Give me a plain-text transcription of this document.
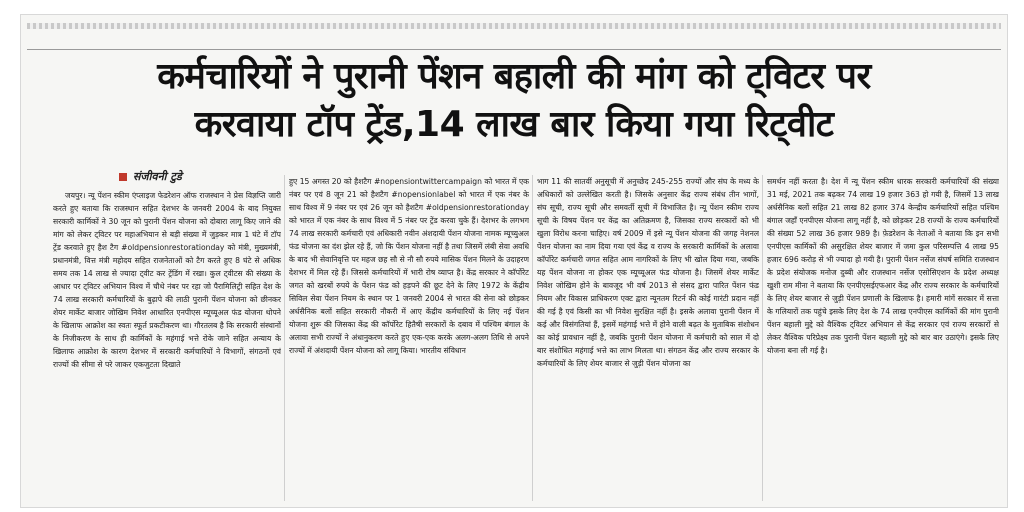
कर्मचारियों ने पुरानी पेंशन बहाली की मांग को ट्विटर पर
करवाया टॉप ट्रेंड,14 लाख बार किया गया रिट्वीट
संजीवनी टुडे

जयपुर। न्यू पेंशन स्कीम एंप्लाइज फेडरेशन ऑफ राजस्थान ने प्रेस विज्ञप्ति जारी करते हुए बताया कि राजस्थान सहित देशभर के जनवरी 2004 के बाद नियुक्त सरकारी कार्मिकों ने 30 जून को पुरानी पेंशन योजना को दोबारा लागू किए जाने की मांग को लेकर ट्विटर पर महाअभियान से बड़ी संख्या में जुड़कर मात्र 1 घंटे में टॉप ट्रेंड करवाते हुए हैश टैग #oldpensionrestorationday को मंत्री, मुख्यमंत्री, प्रधानमंत्री, वित्त मंत्री महोदय सहित राजनेताओं को टैग करते हुए 8 घंटे से अधिक समय तक 14 लाख से ज्यादा ट्वीट कर ट्रेंडिंग में रखा। कुल ट्वीटस की संख्या के आधार पर ट्विटर अभियान विश्व में चौथे नंबर पर रहा जो पैरामिलिट्री सहित देश के 74 लाख सरकारी कर्मचारियों के बुढ़ापे की लाठी पुरानी पेंशन योजना को छीनकर शेयर मार्केट बाजार जोखिम निवेश आधारित एनपीएस म्यूच्यूअल फंड योजना थोपने के खिलाफ आक्रोश का स्वतः स्फूर्त प्रकटीकरण था। गौरतलब है कि सरकारी संस्थानों के निजीकरण के साथ ही कार्मिकों के महंगाई भत्ते रोके जाने सहित अन्याय के खिलाफ आक्रोश के कारण देशभर में सरकारी कर्मचारियों ने विभागों, संगठनों एवं राज्यों की सीमा से परे जाकर एकजुटता दिखाते

हुए 15 अगस्त 20 को हैशटैग #nopensiontwittercampaign को भारत में एक नंबर पर एवं 8 जून 21 को हैशटैग #nopensionlabel को भारत में एक नंबर के साथ विश्व में 9 नंबर पर एवं 26 जून को हैशटैग #oldpensionrestorationday को भारत में एक नंबर के साथ विश्व में 5 नंबर पर ट्रेंड करवा चुके हैं। देशभर के लगभग 74 लाख सरकारी कर्मचारी एवं अधिकारी नवीन अंशदायी पेंशन योजना नामक म्यूच्युअल फंड योजना का दंश झेल रहे हैं, जो कि पेंशन योजना नहीं है तथा जिसमें लंबी सेवा अवधि के बाद भी सेवानिवृत्ति पर महज छह सौ से नौ सौ रुपये मासिक पेंशन मिलने के उदाहरण देशभर में मिल रहे हैं। जिससे कर्मचारियों में भारी रोष व्याप्त है। केंद्र सरकार ने कॉर्पोरेट जगत को खरबों रुपये के पेंशन फंड को हड़पने की छूट देने के लिए 1972 के केंद्रीय सिविल सेवा पेंशन नियम के स्थान पर 1 जनवरी 2004 से भारत की सेना को छोड़कर अर्धसैनिक बलों सहित सरकारी नौकरी में आए केंद्रीय कर्मचारियों के लिए नई पेंशन योजना शुरू की जिसका केंद्र की कॉर्पोरेट हितैषी सरकारों के दबाव में पश्चिम बंगाल के अलावा सभी राज्यों ने अंधानुकरण करते हुए एक-एक करके अलग-अलग तिथि से अपने राज्यों में अंशदायी पेंशन योजना को लागू किया। भारतीय संविधान

भाग 11 की सातवीं अनुसूची में अनुच्छेद 245-255 राज्यों और संघ के मध्य के अधिकारों को उल्लेखित करती है। जिसके अनुसार केंद्र राज्य संबंध तीन भागों, संघ सूची, राज्य सूची और समवर्ती सूची में विभाजित है। न्यू पेंशन स्कीम राज्य सूची के विषय पेंशन पर केंद्र का अतिक्रमण है, जिसका राज्य सरकारों को भी खुला विरोध करना चाहिए। वर्ष 2009 में इसे न्यू पेंशन योजना की जगह नेशनल पेंशन योजना का नाम दिया गया एवं केंद्र व राज्य के सरकारी कार्मिकों के अलावा कॉर्पोरेट कर्मचारी जगत सहित आम नागरिकों के लिए भी खोल दिया गया, जबकि यह पेंशन योजना ना होकर एक म्यूच्यूअल फंड योजना है। जिसमें शेयर मार्केट निवेश जोखिम होने के बावजूद भी वर्ष 2013 से संसद द्वारा पारित पेंशन फंड नियम और विकास प्राधिकरण एक्ट द्वारा न्यूनतम रिटर्न की कोई गारंटी प्रदान नहीं की गई है एवं किसी का भी निवेश सुरक्षित नहीं है। इसके अलावा पुरानी पेंशन में कई और विसंगतियां हैं, इसमें महंगाई भत्ते में होने वाली बढ़त के मुताबिक संशोधन का कोई प्रावधान नहीं है, जबकि पुरानी पेंशन योजना में कर्मचारी को साल में दो बार संशोधित महंगाई भत्ते का लाभ मिलता था। संगठन केंद्र और राज्य सरकार के कर्मचारियों के लिए शेयर बाजार से जुड़ी पेंशन योजना का

समर्थन नहीं करता है। देश में न्यू पेंशन स्कीम धारक सरकारी कर्मचारियों की संख्या 31 मई, 2021 तक बढ़कर 74 लाख 19 हजार 363 हो गयी है, जिसमें 13 लाख अर्धसैनिक बलों सहित 21 लाख 82 हजार 374 केन्द्रीय कर्मचारियों सहित पश्चिम बंगाल जहाँ एनपीएस योजना लागू नहीं है, को छोड़कर 28 राज्यों के राज्य कर्मचारियों की संख्या 52 लाख 36 हजार 989 है। फ़ेडरेशन के नेताओं ने बताया कि इन सभी एनपीएस कार्मिकों की असुरक्षित शेयर बाजार में जमा कुल परिसम्पत्ति 4 लाख 95 हजार 696 करोड़ से भी ज्यादा हो गयी है। पुरानी पेंशन नर्सेज संघर्ष समिति राजस्थान के प्रदेश संयोजक मनोज दुब्बी और राजस्थान नर्सेज एसोसिएशन के प्रदेश अध्यक्ष खुशी राम मीना ने बताया कि एनपीएसईएफआर केंद्र और राज्य सरकार के कर्मचारियों के लिए शेयर बाजार से जुड़ी पेंशन प्रणाली के खिलाफ है। हमारी मांगें सरकार में सत्ता के गलियारों तक पहुंचे इसके लिए देश के 74 लाख एनपीएस कार्मिकों की मांग पुरानी पेंशन बहाली मुद्दे को वैश्विक ट्विटर अभियान से केंद्र सरकार एवं राज्य सरकारों से लेकर वैश्विक परिप्रेक्ष्य तक पुरानी पेंशन बहाली मुद्दे को बार बार उठाएंगे। इसके लिए योजना बना ली गई है।
